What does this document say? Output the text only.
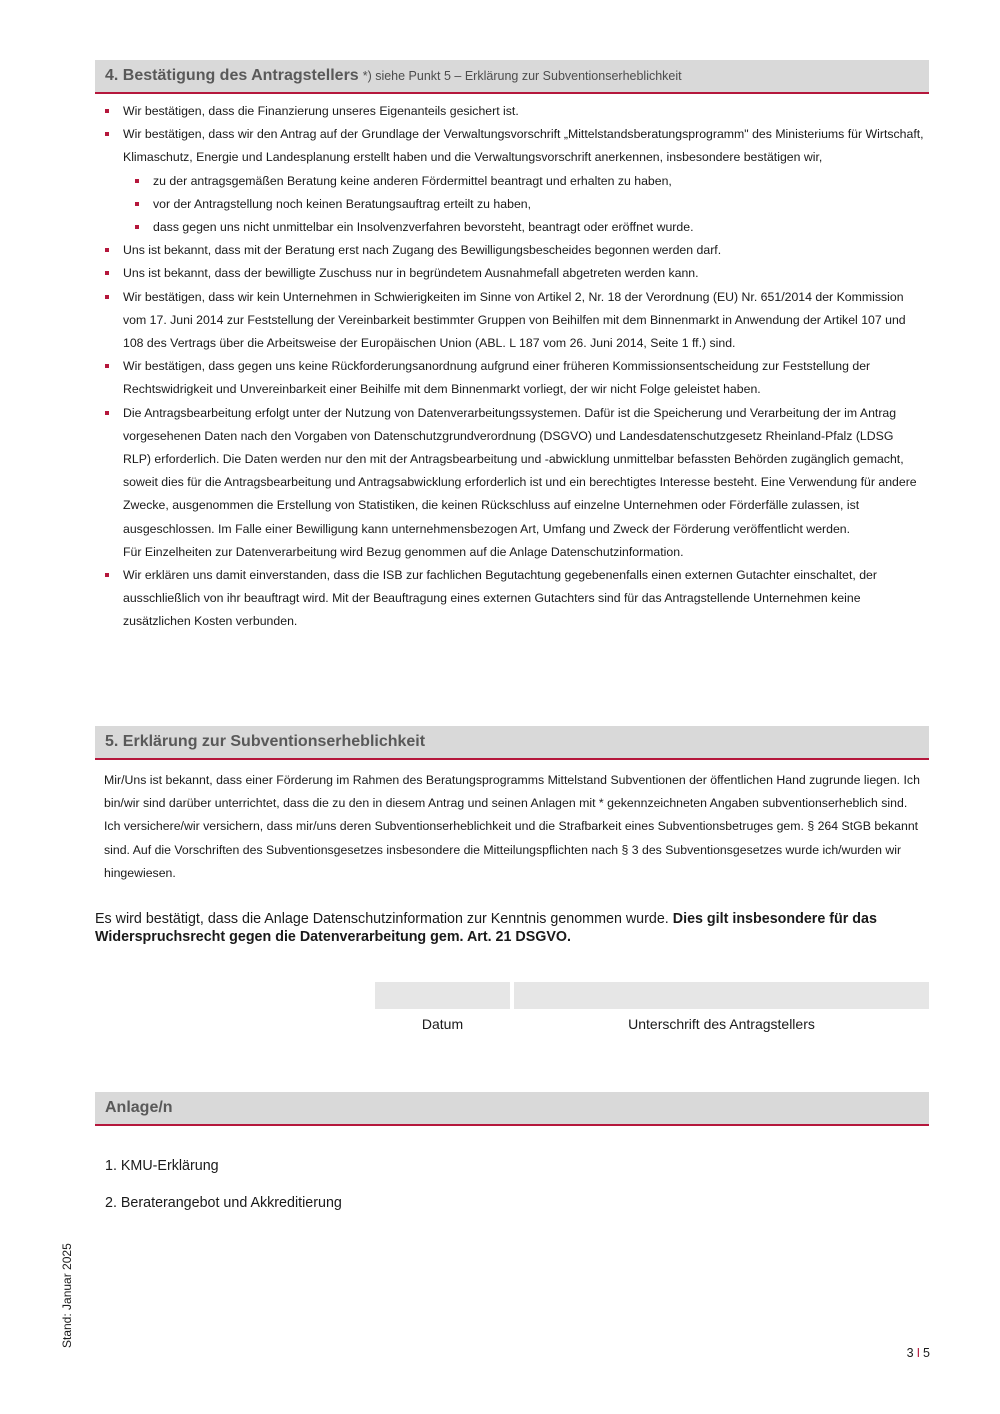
4. Bestätigung des Antragstellers *) siehe Punkt 5 – Erklärung zur Subventionserheblichkeit
Wir bestätigen, dass die Finanzierung unseres Eigenanteils gesichert ist.
Wir bestätigen, dass wir den Antrag auf der Grundlage der Verwaltungsvorschrift „Mittelstandsberatungsprogramm" des Ministeriums für Wirtschaft, Klimaschutz, Energie und Landesplanung erstellt haben und die Verwaltungsvorschrift anerkennen, insbesondere bestätigen wir,
zu der antragsgemäßen Beratung keine anderen Fördermittel beantragt und erhalten zu haben,
vor der Antragstellung noch keinen Beratungsauftrag erteilt zu haben,
dass gegen uns nicht unmittelbar ein Insolvenzverfahren bevorsteht, beantragt oder eröffnet wurde.
Uns ist bekannt, dass mit der Beratung erst nach Zugang des Bewilligungsbescheides begonnen werden darf.
Uns ist bekannt, dass der bewilligte Zuschuss nur in begründetem Ausnahmefall abgetreten werden kann.
Wir bestätigen, dass wir kein Unternehmen in Schwierigkeiten im Sinne von Artikel 2, Nr. 18 der Verordnung (EU) Nr. 651/2014 der Kommission vom 17. Juni 2014 zur Feststellung der Vereinbarkeit bestimmter Gruppen von Beihilfen mit dem Binnenmarkt in Anwendung der Artikel 107 und 108 des Vertrags über die Arbeitsweise der Europäischen Union (ABL. L 187 vom 26. Juni 2014, Seite 1 ff.) sind.
Wir bestätigen, dass gegen uns keine Rückforderungsanordnung aufgrund einer früheren Kommissionsentscheidung zur Feststellung der Rechtswidrigkeit und Unvereinbarkeit einer Beihilfe mit dem Binnenmarkt vorliegt, der wir nicht Folge geleistet haben.
Die Antragsbearbeitung erfolgt unter der Nutzung von Datenverarbeitungssystemen. Dafür ist die Speicherung und Verarbeitung der im Antrag vorgesehenen Daten nach den Vorgaben von Datenschutzgrundverordnung (DSGVO) und Landesdatenschutzgesetz Rheinland-Pfalz (LDSG RLP) erforderlich. Die Daten werden nur den mit der Antragsbearbeitung und -abwicklung unmittelbar befassten Behörden zugänglich gemacht, soweit dies für die Antragsbearbeitung und Antragsabwicklung erforderlich ist und ein berechtigtes Interesse besteht. Eine Verwendung für andere Zwecke, ausgenommen die Erstellung von Statistiken, die keinen Rückschluss auf einzelne Unternehmen oder Förderfälle zulassen, ist ausgeschlossen. Im Falle einer Bewilligung kann unternehmensbezogen Art, Umfang und Zweck der Förderung veröffentlicht werden.
Für Einzelheiten zur Datenverarbeitung wird Bezug genommen auf die Anlage Datenschutzinformation.
Wir erklären uns damit einverstanden, dass die ISB zur fachlichen Begutachtung gegebenenfalls einen externen Gutachter einschaltet, der ausschließlich von ihr beauftragt wird. Mit der Beauftragung eines externen Gutachters sind für das Antragstellende Unternehmen keine zusätzlichen Kosten verbunden.
5. Erklärung zur Subventionserheblichkeit
Mir/Uns ist bekannt, dass einer Förderung im Rahmen des Beratungsprogramms Mittelstand Subventionen der öffentlichen Hand zugrunde liegen. Ich bin/wir sind darüber unterrichtet, dass die zu den in diesem Antrag und seinen Anlagen mit * gekennzeichneten Angaben subventionserheblich sind. Ich versichere/wir versichern, dass mir/uns deren Subventionserheblichkeit und die Strafbarkeit eines Subventionsbetruges gem. § 264 StGB bekannt sind. Auf die Vorschriften des Subventionsgesetzes insbesondere die Mitteilungspflichten nach § 3 des Subventionsgesetzes wurde ich/wurden wir hingewiesen.
Es wird bestätigt, dass die Anlage Datenschutzinformation zur Kenntnis genommen wurde. Dies gilt insbesondere für das Widerspruchsrecht gegen die Datenverarbeitung gem. Art. 21 DSGVO.
Datum	Unterschrift des Antragstellers
Anlage/n
1. KMU-Erklärung
2. Beraterangebot und Akkreditierung
Stand: Januar 2025
3 I 5
